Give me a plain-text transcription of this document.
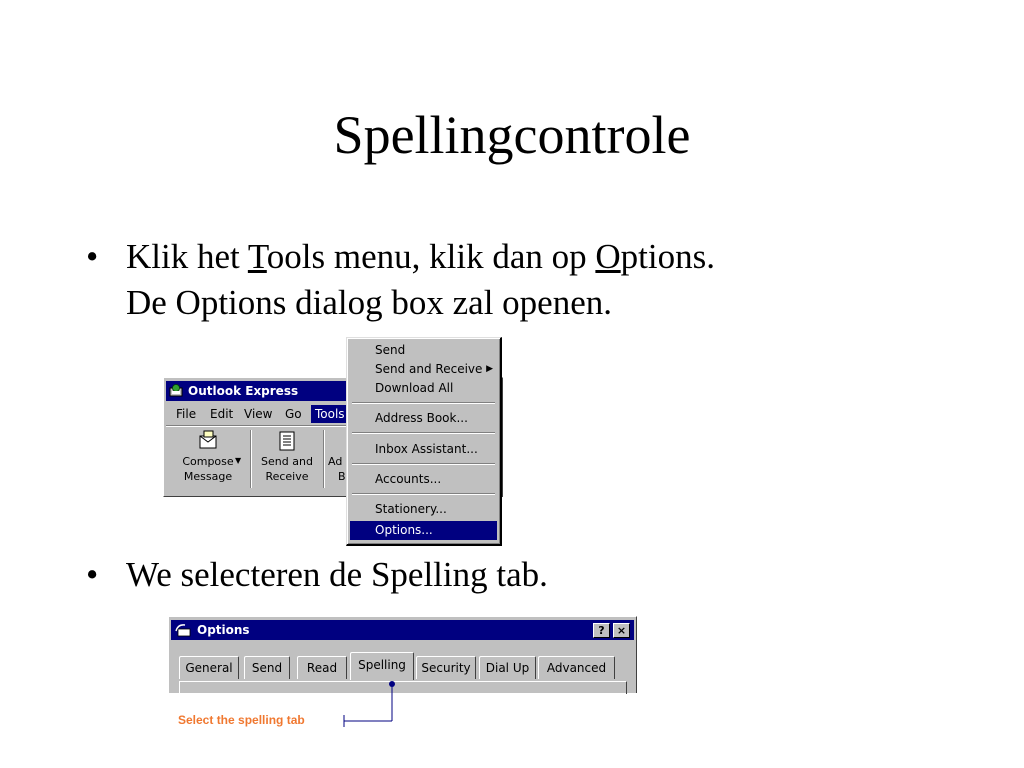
Spellingcontrole
• Klik het Tools menu, klik dan op Options.
De Options dialog box zal openen.
• We selecteren de Spelling tab.
Outlook Express
File Edit View Go	Tools
Compose
Message
▼	Send and
Receive
Ad
B
Send
Send and Receive ▶
Download All
Address Book...
Inbox Assistant...
Accounts...
Stationery...
Options...
Options	?	×
General	Send	Read	Spelling	Security	Dial Up	Advanced
Select the spelling tab
